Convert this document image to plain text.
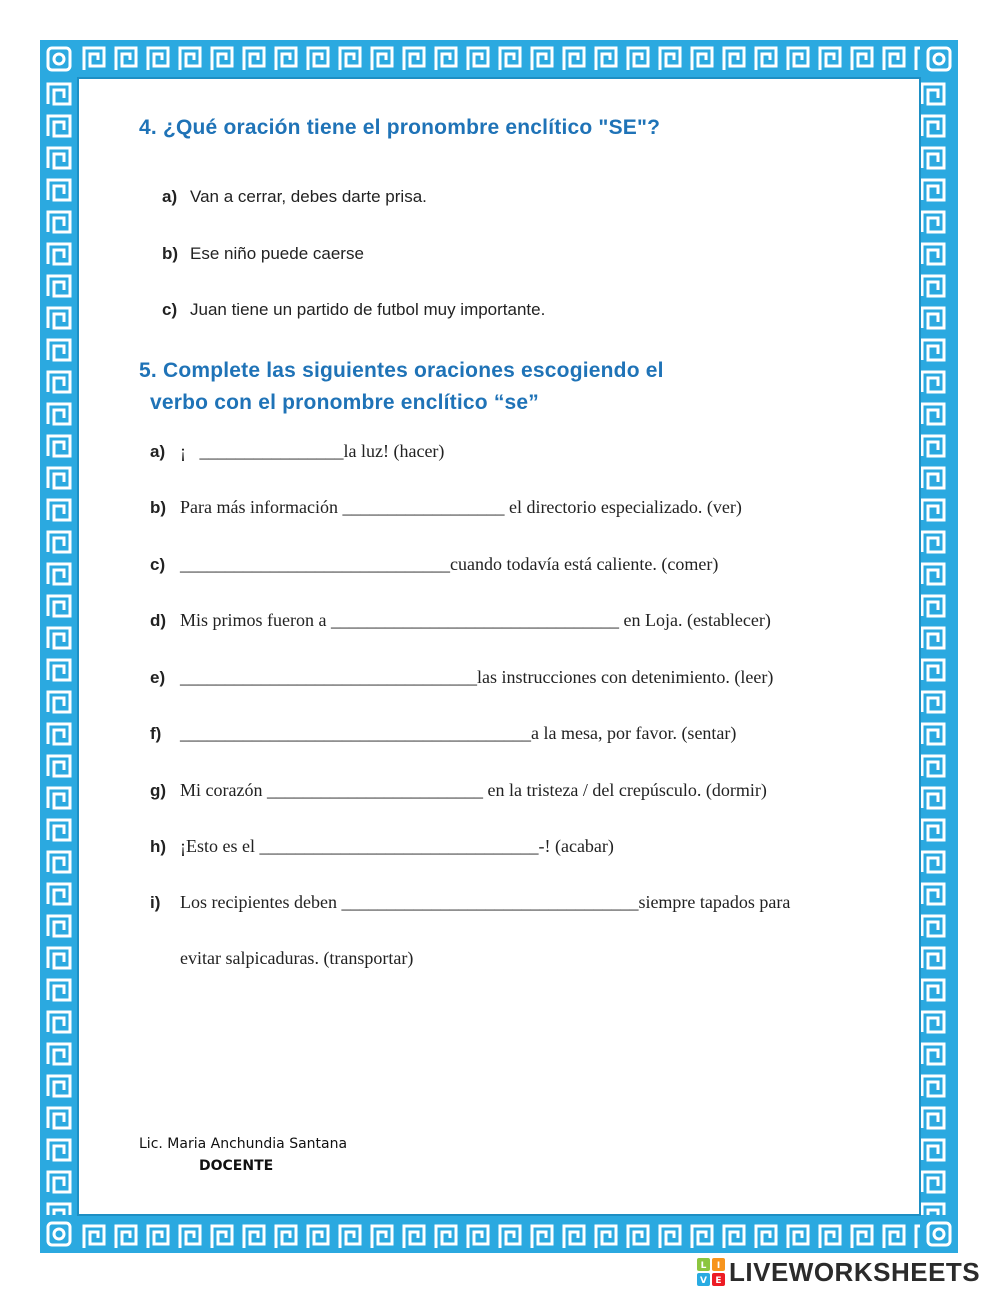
4. ¿Qué oración tiene el pronombre enclítico "SE"?
a) Van a cerrar, debes darte prisa.
b) Ese niño puede caerse
c) Juan tiene un partido de futbol muy importante.
5. Complete las siguientes oraciones escogiendo el
verbo con el pronombre enclítico “se”
a) ¡   ________________la luz! (hacer)
b) Para más información __________________ el directorio especializado. (ver)
c) ______________________________cuando todavía está caliente. (comer)
d) Mis primos fueron a ________________________________ en Loja. (establecer)
e) _________________________________las instrucciones con detenimiento. (leer)
f) _______________________________________a la mesa, por favor. (sentar)
g) Mi corazón ________________________ en la tristeza / del crepúsculo. (dormir)
h) ¡Esto es el _______________________________-! (acabar)
i) Los recipientes deben _________________________________siempre tapados para
evitar salpicaduras. (transportar)
Lic. Maria Anchundia Santana
DOCENTE
L I
V E LIVEWORKSHEETS
